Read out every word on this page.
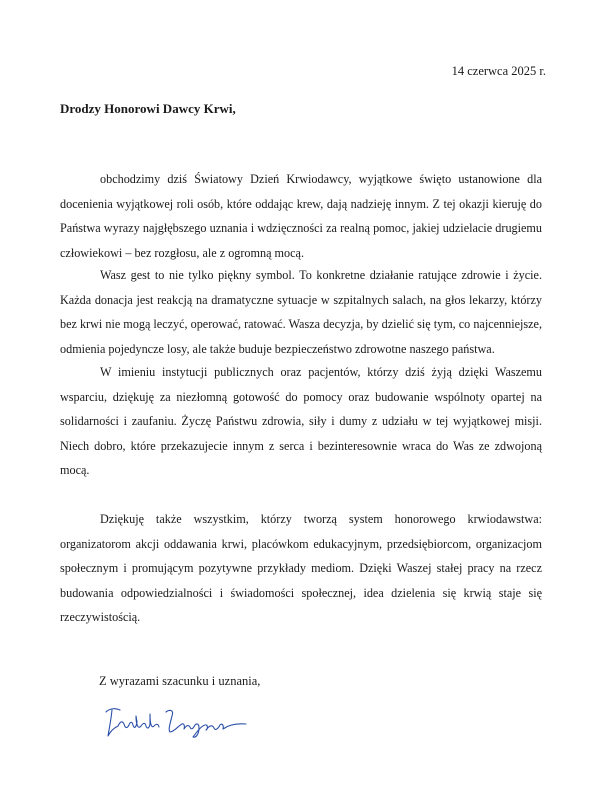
14 czerwca 2025 r.
Drodzy Honorowi Dawcy Krwi,

obchodzimy dziś Światowy Dzień Krwiodawcy, wyjątkowe święto ustanowione dla docenienia wyjątkowej roli osób, które oddając krew, dają nadzieję innym. Z tej okazji kieruję do Państwa wyrazy najgłębszego uznania i wdzięczności za realną pomoc, jakiej udzielacie drugiemu człowiekowi – bez rozgłosu, ale z ogromną mocą.

Wasz gest to nie tylko piękny symbol. To konkretne działanie ratujące zdrowie i życie. Każda donacja jest reakcją na dramatyczne sytuacje w szpitalnych salach, na głos lekarzy, którzy bez krwi nie mogą leczyć, operować, ratować. Wasza decyzja, by dzielić się tym, co najcenniejsze, odmienia pojedyncze losy, ale także buduje bezpieczeństwo zdrowotne naszego państwa.

W imieniu instytucji publicznych oraz pacjentów, którzy dziś żyją dzięki Waszemu wsparciu, dziękuję za niezłomną gotowość do pomocy oraz budowanie wspólnoty opartej na solidarności i zaufaniu. Życzę Państwu zdrowia, siły i dumy z udziału w tej wyjątkowej misji. Niech dobro, które przekazujecie innym z serca i bezinteresownie wraca do Was ze zdwojoną mocą.

Dziękuję także wszystkim, którzy tworzą system honorowego krwiodawstwa: organizatorom akcji oddawania krwi, placówkom edukacyjnym, przedsiębiorcom, organizacjom społecznym i promującym pozytywne przykłady mediom. Dzięki Waszej stałej pracy na rzecz budowania odpowiedzialności i świadomości społecznej, idea dzielenia się krwią staje się rzeczywistością.

Z wyrazami szacunku i uznania,
